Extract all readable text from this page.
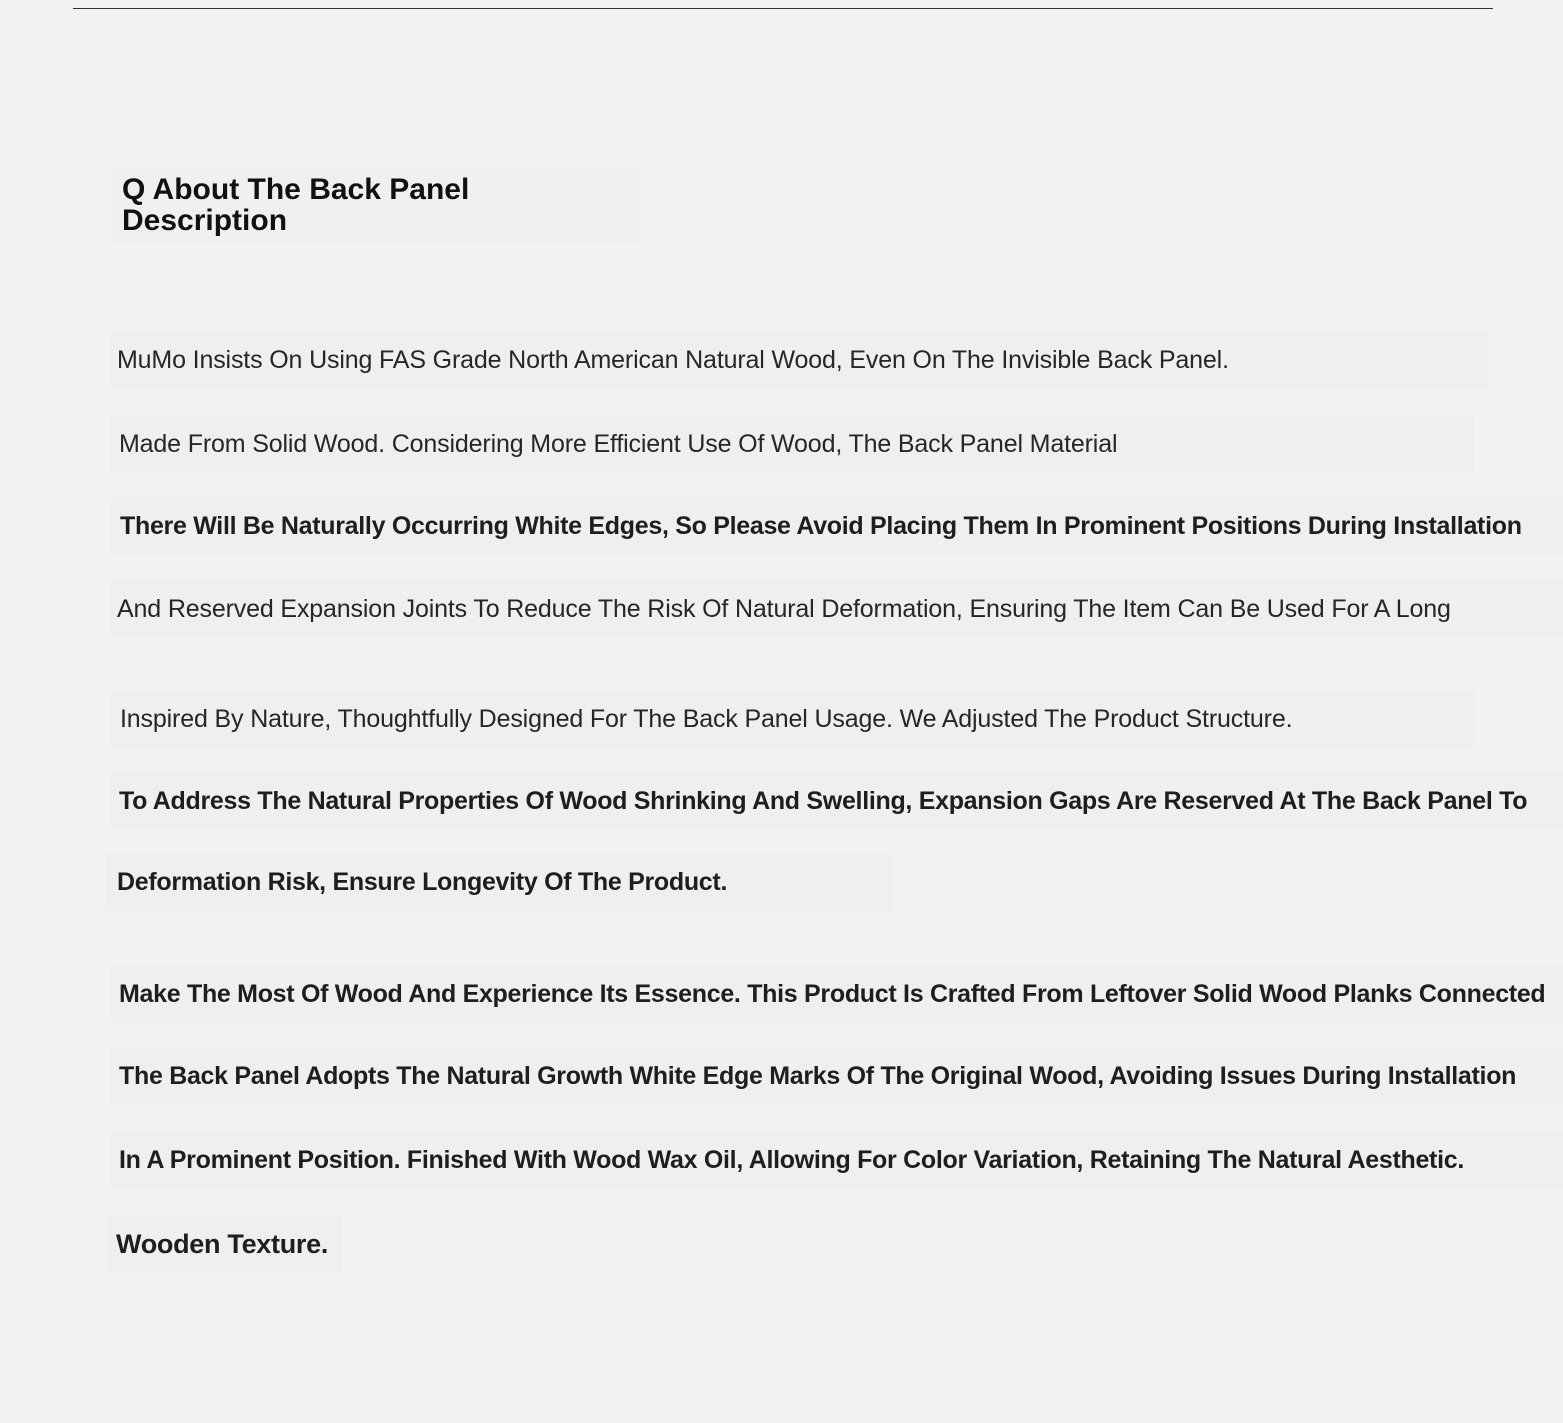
Q About The Back Panel Description
MuMo Insists On Using FAS Grade North American Natural Wood, Even On The Invisible Back Panel.
Made From Solid Wood. Considering More Efficient Use Of Wood, The Back Panel Material
There Will Be Naturally Occurring White Edges, So Please Avoid Placing Them In Prominent Positions During Installation
And Reserved Expansion Joints To Reduce The Risk Of Natural Deformation, Ensuring The Item Can Be Used For A Long
Inspired By Nature, Thoughtfully Designed For The Back Panel Usage. We Adjusted The Product Structure.
To Address The Natural Properties Of Wood Shrinking And Swelling, Expansion Gaps Are Reserved At The Back Panel To
Deformation Risk, Ensure Longevity Of The Product.
Make The Most Of Wood And Experience Its Essence. This Product Is Crafted From Leftover Solid Wood Planks Connected
The Back Panel Adopts The Natural Growth White Edge Marks Of The Original Wood, Avoiding Issues During Installation
In A Prominent Position. Finished With Wood Wax Oil, Allowing For Color Variation, Retaining The Natural Aesthetic.
Wooden Texture.
